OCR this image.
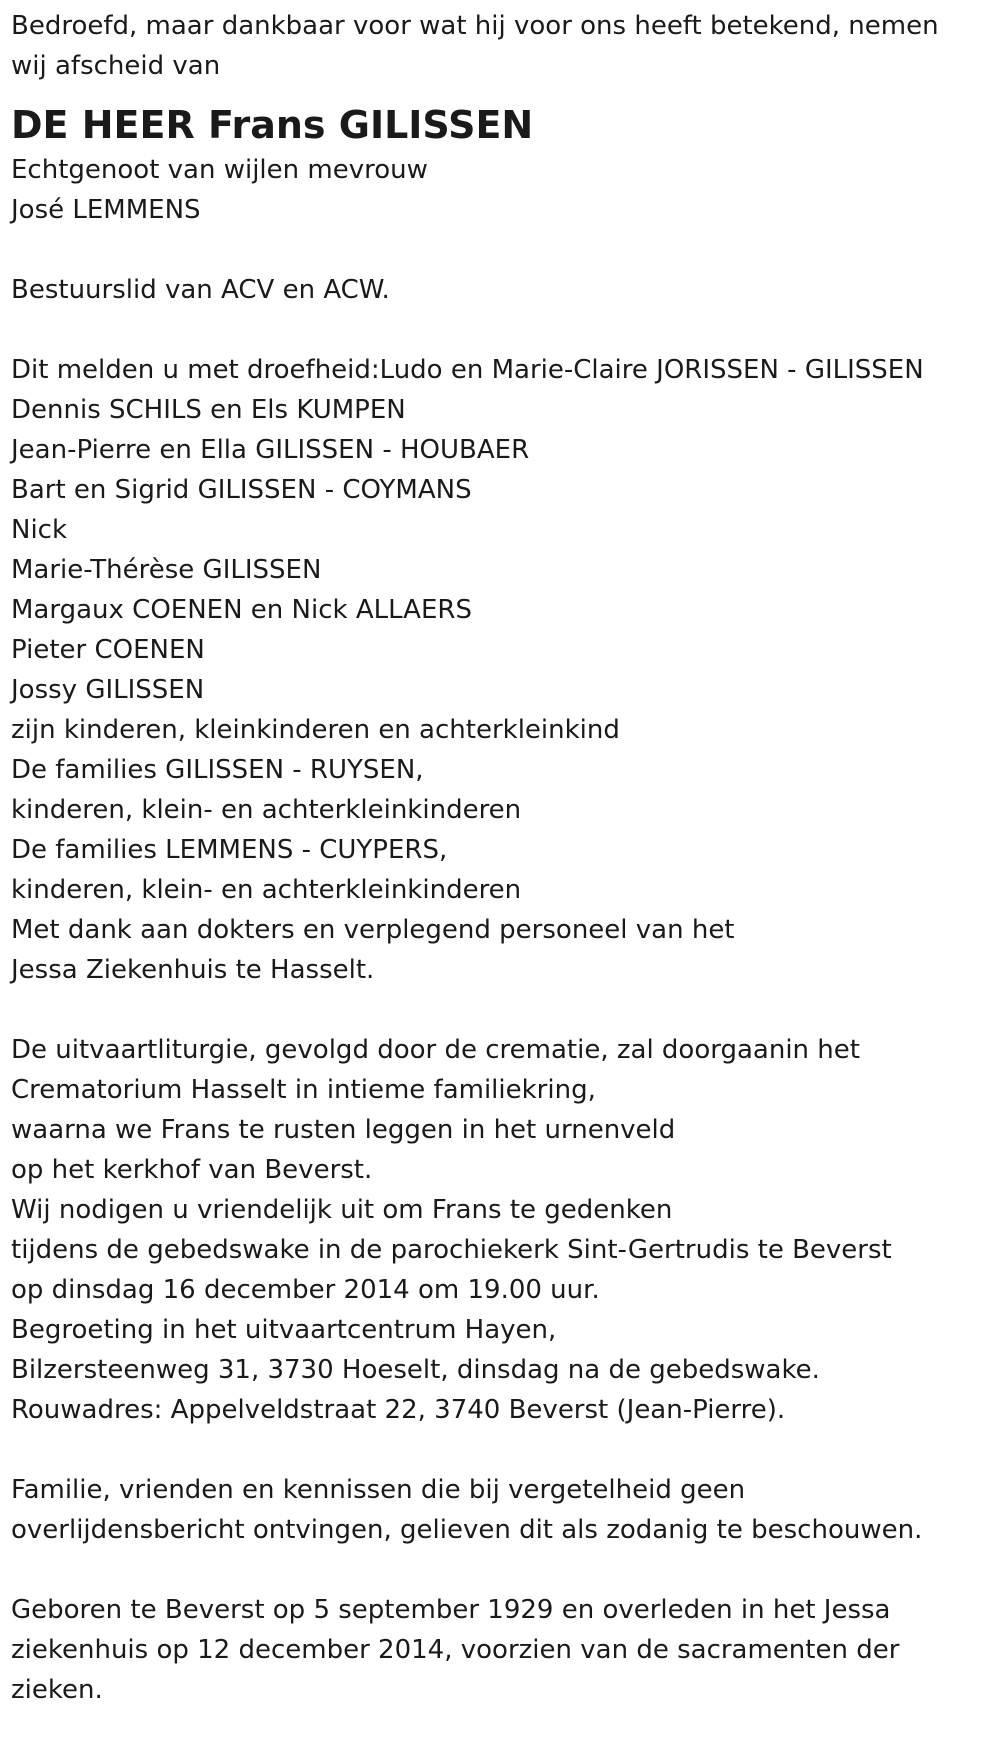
Bedroefd, maar dankbaar voor wat hij voor ons heeft betekend, nemen
wij afscheid van
DE HEER Frans GILISSEN
Echtgenoot van wijlen mevrouw
José LEMMENS
Bestuurslid van ACV en ACW.
Dit melden u met droefheid:Ludo en Marie-Claire JORISSEN - GILISSEN
Dennis SCHILS en Els KUMPEN
Jean-Pierre en Ella GILISSEN - HOUBAER
Bart en Sigrid GILISSEN - COYMANS
Nick
Marie-Thérèse GILISSEN
Margaux COENEN en Nick ALLAERS
Pieter COENEN
Jossy GILISSEN
zijn kinderen, kleinkinderen en achterkleinkind
De families GILISSEN - RUYSEN,
kinderen, klein- en achterkleinkinderen
De families LEMMENS - CUYPERS,
kinderen, klein- en achterkleinkinderen
Met dank aan dokters en verplegend personeel van het
Jessa Ziekenhuis te Hasselt.
De uitvaartliturgie, gevolgd door de crematie, zal doorgaanin het
Crematorium Hasselt in intieme familiekring,
waarna we Frans te rusten leggen in het urnenveld
op het kerkhof van Beverst.
Wij nodigen u vriendelijk uit om Frans te gedenken
tijdens de gebedswake in de parochiekerk Sint-Gertrudis te Beverst
op dinsdag 16 december 2014 om 19.00 uur.
Begroeting in het uitvaartcentrum Hayen,
Bilzersteenweg 31, 3730 Hoeselt, dinsdag na de gebedswake.
Rouwadres: Appelveldstraat 22, 3740 Beverst (Jean-Pierre).
Familie, vrienden en kennissen die bij vergetelheid geen
overlijdensbericht ontvingen, gelieven dit als zodanig te beschouwen.
Geboren te Beverst op 5 september 1929 en overleden in het Jessa
ziekenhuis op 12 december 2014, voorzien van de sacramenten der
zieken.
